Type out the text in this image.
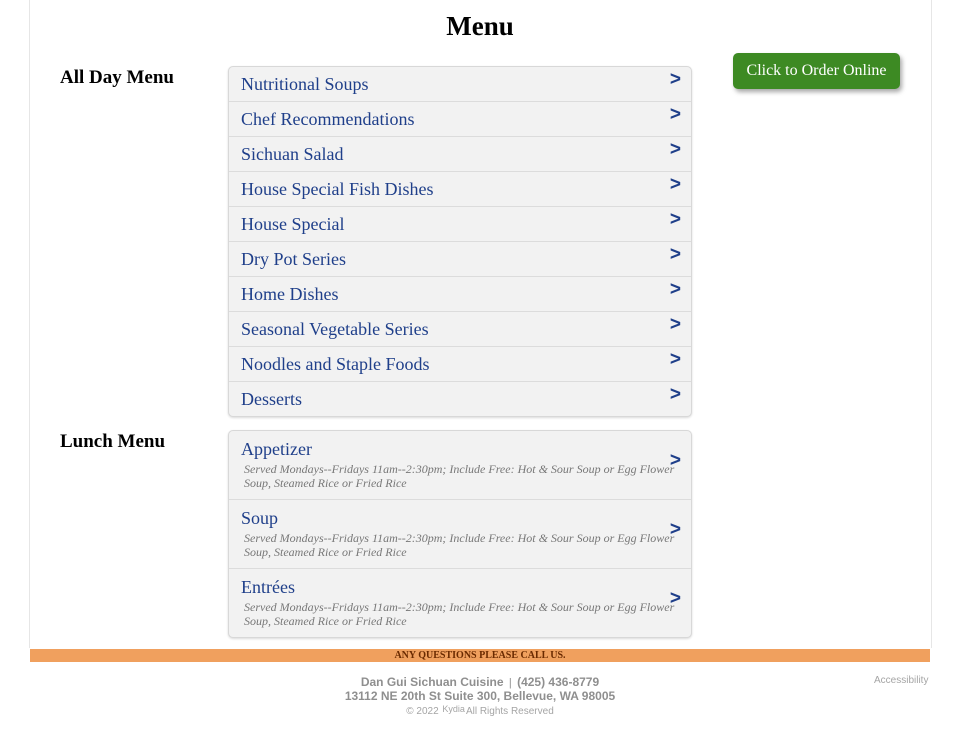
Menu
All Day Menu	Nutritional Soups	>
Chef Recommendations	>
Sichuan Salad	>
House Special Fish Dishes	>
House Special	>
Dry Pot Series	>
Home Dishes	>
Seasonal Vegetable Series	>
Noodles and Staple Foods	>
Desserts	>
Click to Order Online
Lunch Menu	Appetizer
Served Mondays--Fridays 11am--2:30pm; Include Free: Hot & Sour Soup or Egg Flower Soup, Steamed Rice or Fried Rice
>
Soup
Served Mondays--Fridays 11am--2:30pm; Include Free: Hot & Sour Soup or Egg Flower Soup, Steamed Rice or Fried Rice
>
Entrées
Served Mondays--Fridays 11am--2:30pm; Include Free: Hot & Sour Soup or Egg Flower Soup, Steamed Rice or Fried Rice
>
ANY QUESTIONS PLEASE CALL US.
Dan Gui Sichuan Cuisine | (425) 436-8779
13112 NE 20th St Suite 300, Bellevue, WA 98005
© 2022 KydiaAll Rights Reserved
Accessibility
